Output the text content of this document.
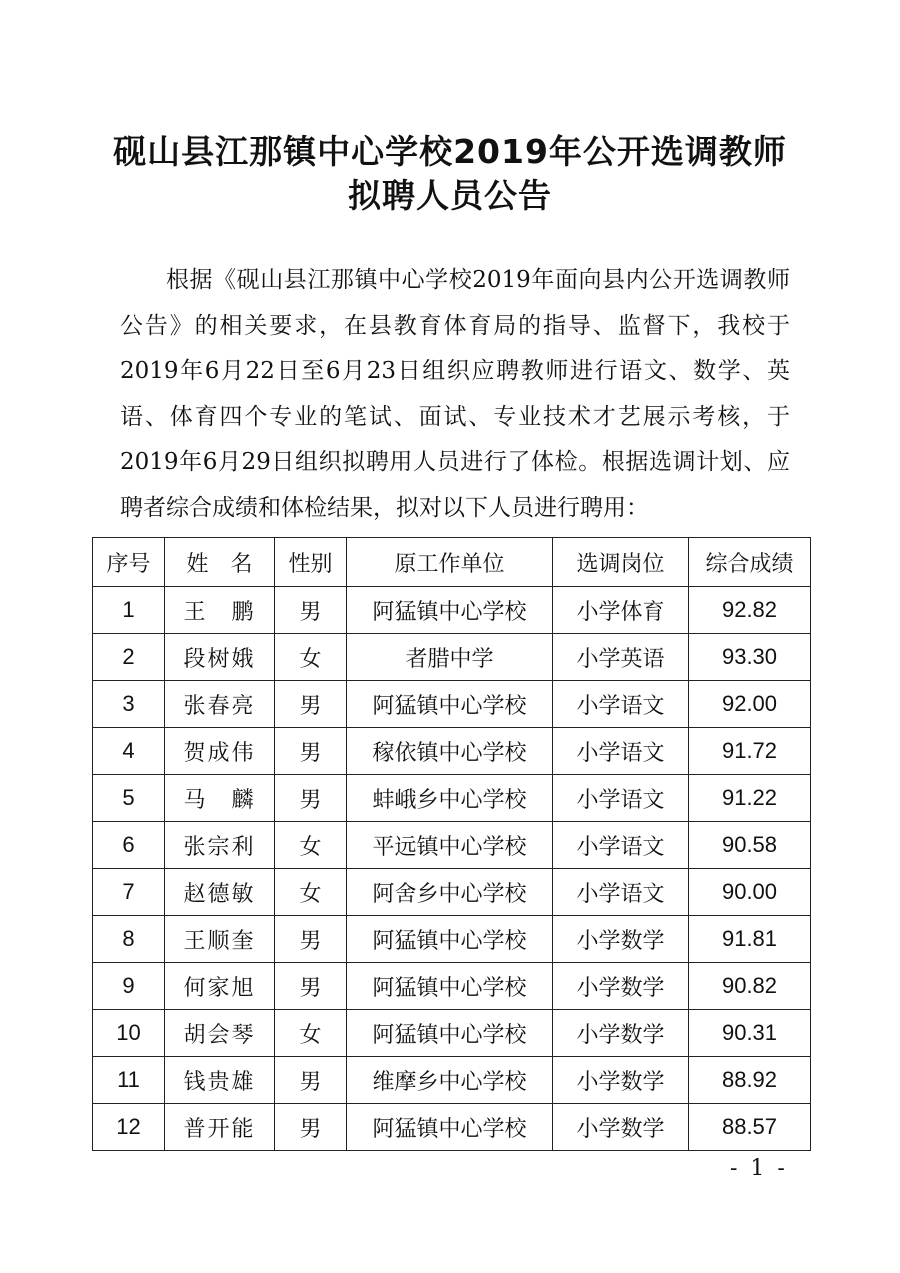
砚山县江那镇中心学校2019年公开选调教师
拟聘人员公告

根据《砚山县江那镇中心学校2019年面向县内公开选调教师公告》的相关要求，在县教育体育局的指导、监督下，我校于2019年6月22日至6月23日组织应聘教师进行语文、数学、英语、体育四个专业的笔试、面试、专业技术才艺展示考核，于2019年6月29日组织拟聘用人员进行了体检。根据选调计划、应聘者综合成绩和体检结果，拟对以下人员进行聘用：

序号	姓　名	性别	原工作单位	选调岗位	综合成绩
1	王　鹏	男	阿猛镇中心学校	小学体育	92.82
2	段树娥	女	者腊中学	小学英语	93.30
3	张春亮	男	阿猛镇中心学校	小学语文	92.00
4	贺成伟	男	稼依镇中心学校	小学语文	91.72
5	马　麟	男	蚌峨乡中心学校	小学语文	91.22
6	张宗利	女	平远镇中心学校	小学语文	90.58
7	赵德敏	女	阿舍乡中心学校	小学语文	90.00
8	王顺奎	男	阿猛镇中心学校	小学数学	91.81
9	何家旭	男	阿猛镇中心学校	小学数学	90.82
10	胡会琴	女	阿猛镇中心学校	小学数学	90.31
11	钱贵雄	男	维摩乡中心学校	小学数学	88.92
12	普开能	男	阿猛镇中心学校	小学数学	88.57
- 1 -
